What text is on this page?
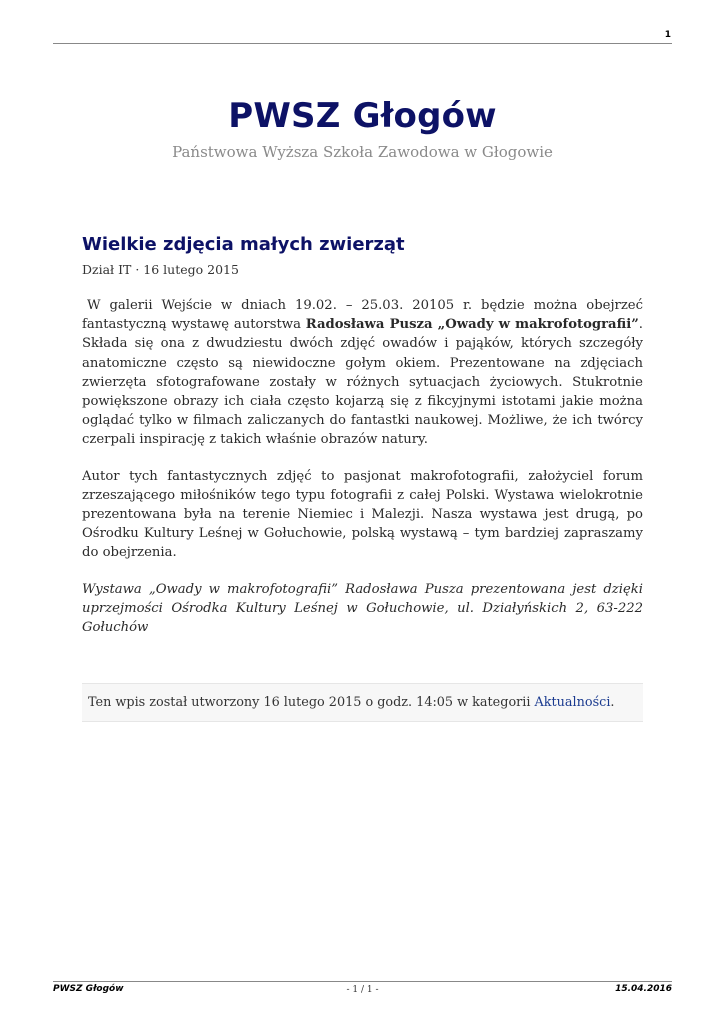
1
PWSZ Głogów
Państwowa Wyższa Szkoła Zawodowa w Głogowie
Wielkie zdjęcia małych zwierząt
Dział IT · 16 lutego 2015

W galerii Wejście w dniach 19.02. – 25.03. 20105 r. będzie można obejrzeć fantastyczną wystawę autorstwa Radosława Pusza „Owady w makrofotografii”. Składa się ona z dwudziestu dwóch zdjęć owadów i pająków, których szczegóły anatomiczne często są niewidoczne gołym okiem. Prezentowane na zdjęciach zwierzęta sfotografowane zostały w różnych sytuacjach życiowych. Stukrotnie powiększone obrazy ich ciała często kojarzą się z fikcyjnymi istotami jakie można oglądać tylko w filmach zaliczanych do fantastki naukowej. Możliwe, że ich twórcy czerpali inspirację z takich właśnie obrazów natury.

Autor tych fantastycznych zdjęć to pasjonat makrofotografii, założyciel forum zrzeszającego miłośników tego typu fotografii z całej Polski. Wystawa wielokrotnie prezentowana była na terenie Niemiec i Malezji. Nasza wystawa jest drugą, po Ośrodku Kultury Leśnej w Gołuchowie, polską wystawą – tym bardziej zapraszamy do obejrzenia.

Wystawa „Owady w makrofotografii” Radosława Pusza prezentowana jest dzięki uprzejmości Ośrodka Kultury Leśnej w Gołuchowie, ul. Działyńskich 2, 63-222 Gołuchów

Ten wpis został utworzony 16 lutego 2015 o godz. 14:05 w kategorii Aktualności.
PWSZ Głogów	- 1 / 1 -	15.04.2016
